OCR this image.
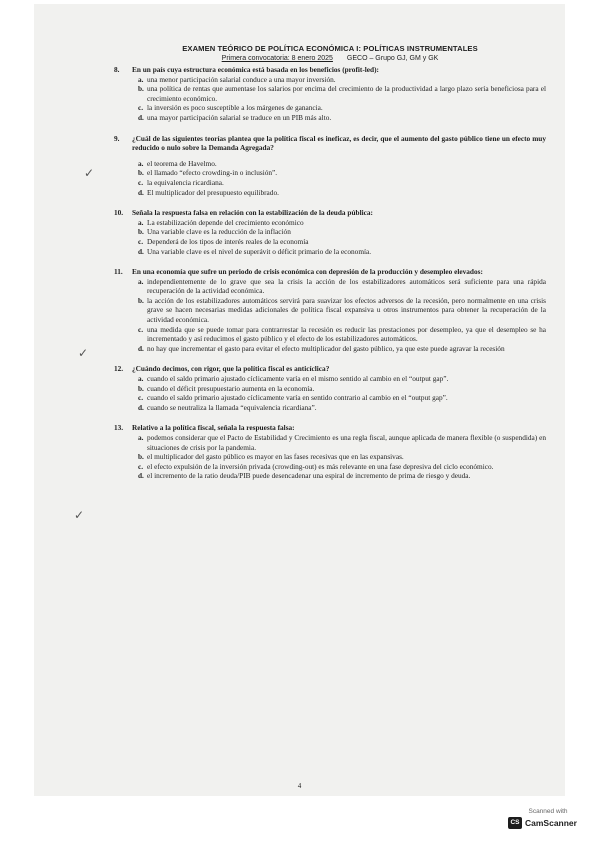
EXAMEN TEÓRICO DE POLÍTICA ECONÓMICA I: POLÍTICAS INSTRUMENTALES
Primera convocatoria: 8 enero 2025 GECO – Grupo GJ, GM y GK
8.	En un país cuya estructura económica está basada en los beneficios (profit-led):
a. una menor participación salarial conduce a una mayor inversión.
b. una política de rentas que aumentase los salarios por encima del crecimiento de la productividad a largo plazo sería beneficiosa para el crecimiento económico.
c. la inversión es poco susceptible a los márgenes de ganancia.
d. una mayor participación salarial se traduce en un PIB más alto.
9.	¿Cuál de las siguientes teorías plantea que la política fiscal es ineficaz, es decir, que el aumento del gasto público tiene un efecto muy reducido o nulo sobre la Demanda Agregada?
a. el teorema de Havelmo.
b. el llamado “efecto crowding-in o inclusión”.
c. la equivalencia ricardiana.
d. El multiplicador del presupuesto equilibrado.
10.	Señala la respuesta falsa en relación con la estabilización de la deuda pública:
a. La estabilización depende del crecimiento económico
b. Una variable clave es la reducción de la inflación
c. Dependerá de los tipos de interés reales de la economía
d. Una variable clave es el nivel de superávit o déficit primario de la economía.
11.	En una economía que sufre un periodo de crisis económica con depresión de la producción y desempleo elevados:
a. independientemente de lo grave que sea la crisis la acción de los estabilizadores automáticos será suficiente para una rápida recuperación de la actividad económica.
b. la acción de los estabilizadores automáticos servirá para suavizar los efectos adversos de la recesión, pero normalmente en una crisis grave se hacen necesarias medidas adicionales de política fiscal expansiva u otros instrumentos para obtener la recuperación de la actividad económica.
c. una medida que se puede tomar para contrarrestar la recesión es reducir las prestaciones por desempleo, ya que el desempleo se ha incrementado y así reducimos el gasto público y el efecto de los estabilizadores automáticos.
d. no hay que incrementar el gasto para evitar el efecto multiplicador del gasto público, ya que este puede agravar la recesión
12.	¿Cuándo decimos, con rigor, que la política fiscal es anticíclica?
a. cuando el saldo primario ajustado cíclicamente varía en el mismo sentido al cambio en el “output gap”.
b. cuando el déficit presupuestario aumenta en la economía.
c. cuando el saldo primario ajustado cíclicamente varía en sentido contrario al cambio en el “output gap”.
d. cuando se neutraliza la llamada “equivalencia ricardiana”.
13.	Relativo a la política fiscal, señala la respuesta falsa:
a. podemos considerar que el Pacto de Estabilidad y Crecimiento es una regla fiscal, aunque aplicada de manera flexible (o suspendida) en situaciones de crisis por la pandemia.
b. el multiplicador del gasto público es mayor en las fases recesivas que en las expansivas.
c. el efecto expulsión de la inversión privada (crowding-out) es más relevante en una fase depresiva del ciclo económico.
d. el incremento de la ratio deuda/PIB puede desencadenar una espiral de incremento de prima de riesgo y deuda.
✓
✓
✓
4
Scanned with
CS CamScanner
